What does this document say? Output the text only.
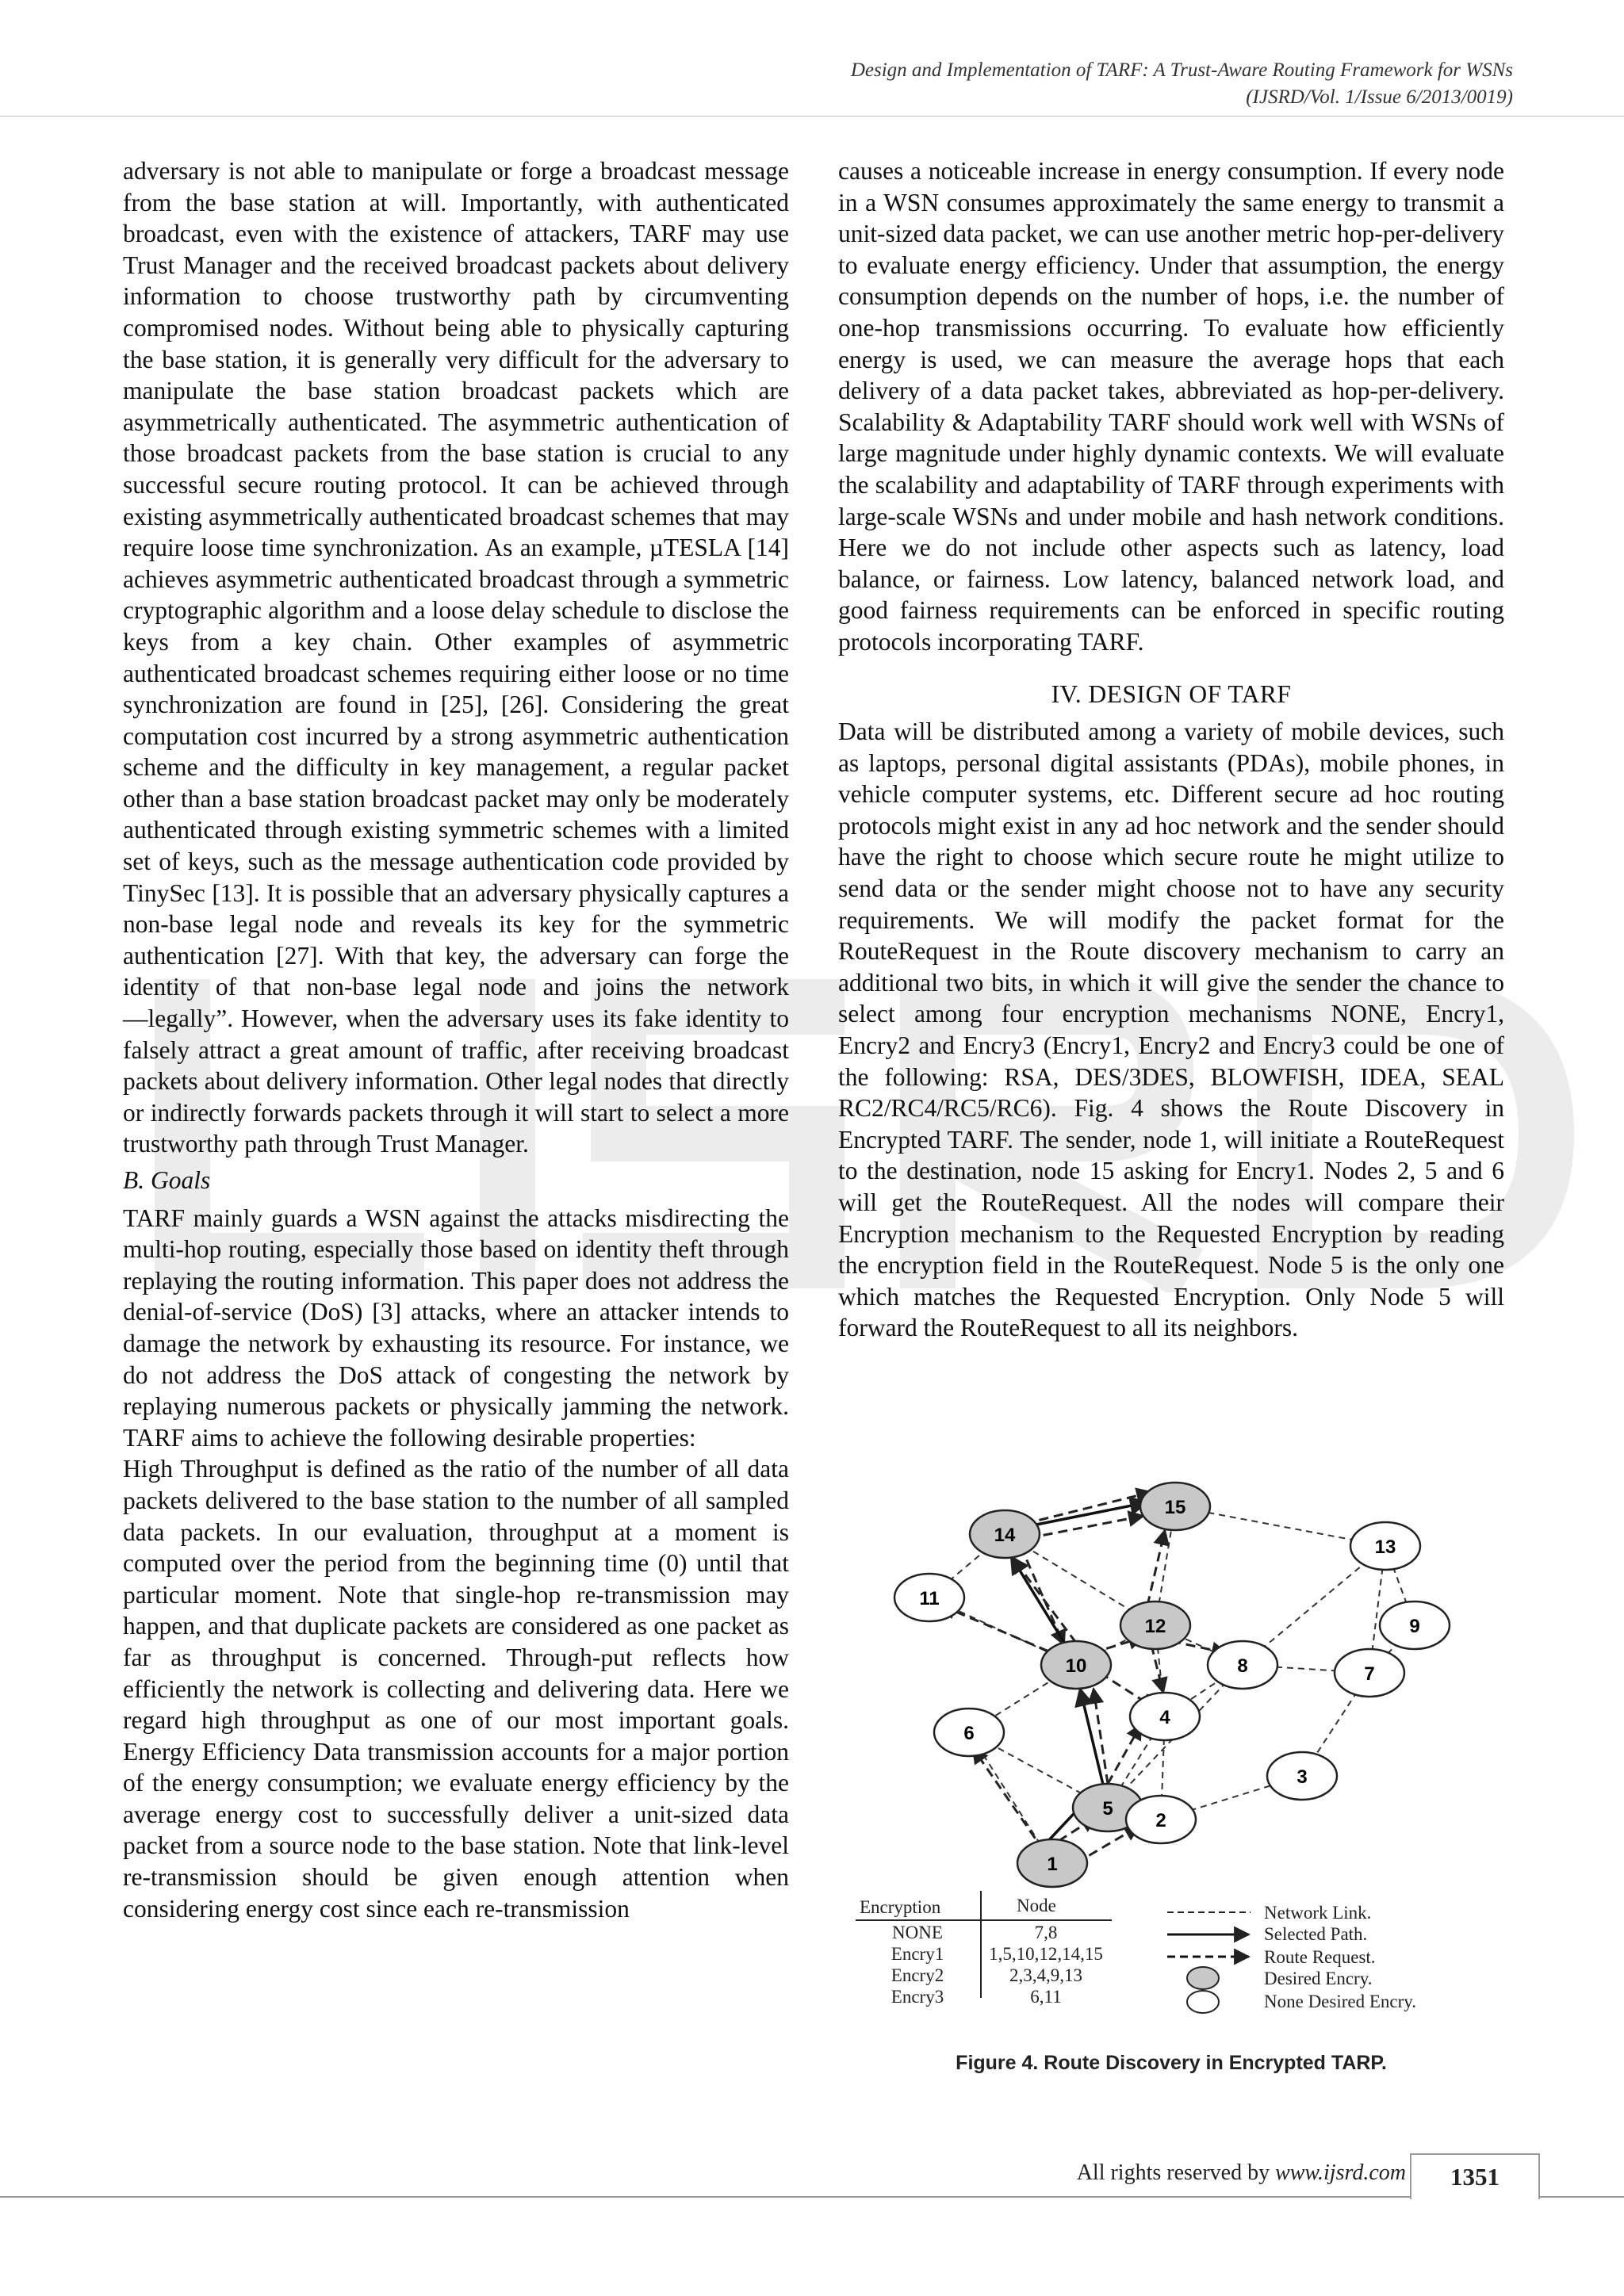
Design and Implementation of TARF: A Trust-Aware Routing Framework for WSNs
(IJSRD/Vol. 1/Issue 6/2013/0019)

adversary is not able to manipulate or forge a broadcast message from the base station at will. Importantly, with authenticated broadcast, even with the existence of attackers, TARF may use Trust Manager and the received broadcast packets about delivery information to choose trustworthy path by circumventing compromised nodes. Without being able to physically capturing the base station, it is generally very difficult for the adversary to manipulate the base station broadcast packets which are asymmetrically authenticated. The asymmetric authentication of those broadcast packets from the base station is crucial to any successful secure routing protocol. It can be achieved through existing asymmetrically authenticated broadcast schemes that may require loose time synchronization. As an example, µTESLA [14] achieves asymmetric authenticated broadcast through a symmetric cryptographic algorithm and a loose delay schedule to disclose the keys from a key chain. Other examples of asymmetric authenticated broadcast schemes requiring either loose or no time synchronization are found in [25], [26]. Considering the great computation cost incurred by a strong asymmetric authentication scheme and the difficulty in key management, a regular packet other than a base station broadcast packet may only be moderately authenticated through existing symmetric schemes with a limited set of keys, such as the message authentication code provided by TinySec [13]. It is possible that an adversary physically captures a non-base legal node and reveals its key for the symmetric authentication [27]. With that key, the adversary can forge the identity of that non-base legal node and joins the network ―legally”. However, when the adversary uses its fake identity to falsely attract a great amount of traffic, after receiving broadcast packets about delivery information. Other legal nodes that directly or indirectly forwards packets through it will start to select a more trustworthy path through Trust Manager.

B. Goals

TARF mainly guards a WSN against the attacks misdirecting the multi-hop routing, especially those based on identity theft through replaying the routing information. This paper does not address the denial-of-service (DoS) [3] attacks, where an attacker intends to damage the network by exhausting its resource. For instance, we do not address the DoS attack of congesting the network by replaying numerous packets or physically jamming the network. TARF aims to achieve the following desirable properties:

High Throughput is defined as the ratio of the number of all data packets delivered to the base station to the number of all sampled data packets. In our evaluation, throughput at a moment is computed over the period from the beginning time (0) until that particular moment. Note that single-hop re-transmission may happen, and that duplicate packets are considered as one packet as far as throughput is concerned. Through-put reflects how efficiently the network is collecting and delivering data. Here we regard high throughput as one of our most important goals. Energy Efficiency Data transmission accounts for a major portion of the energy consumption; we evaluate energy efficiency by the average energy cost to successfully deliver a unit-sized data packet from a source node to the base station. Note that link-level re-transmission should be given enough attention when considering energy cost since each re-transmission

causes a noticeable increase in energy consumption. If every node in a WSN consumes approximately the same energy to transmit a unit-sized data packet, we can use another metric hop-per-delivery to evaluate energy efficiency. Under that assumption, the energy consumption depends on the number of hops, i.e. the number of one-hop transmissions occurring. To evaluate how efficiently energy is used, we can measure the average hops that each delivery of a data packet takes, abbreviated as hop-per-delivery. Scalability & Adaptability TARF should work well with WSNs of large magnitude under highly dynamic contexts. We will evaluate the scalability and adaptability of TARF through experiments with large-scale WSNs and under mobile and hash network conditions. Here we do not include other aspects such as latency, load balance, or fairness. Low latency, balanced network load, and good fairness requirements can be enforced in specific routing protocols incorporating TARF.

IV. DESIGN OF TARF

Data will be distributed among a variety of mobile devices, such as laptops, personal digital assistants (PDAs), mobile phones, in vehicle computer systems, etc. Different secure ad hoc routing protocols might exist in any ad hoc network and the sender should have the right to choose which secure route he might utilize to send data or the sender might choose not to have any security requirements. We will modify the packet format for the RouteRequest in the Route discovery mechanism to carry an additional two bits, in which it will give the sender the chance to select among four encryption mechanisms NONE, Encry1, Encry2 and Encry3 (Encry1, Encry2 and Encry3 could be one of the following: RSA, DES/3DES, BLOWFISH, IDEA, SEAL RC2/RC4/RC5/RC6). Fig. 4 shows the Route Discovery in Encrypted TARF. The sender, node 1, will initiate a RouteRequest to the destination, node 15 asking for Encry1. Nodes 2, 5 and 6 will get the RouteRequest. All the nodes will compare their Encryption mechanism to the Requested Encryption by reading the encryption field in the RouteRequest. Node 5 is the only one which matches the Requested Encryption. Only Node 5 will forward the RouteRequest to all its neighbors.

14
15
13
12
11
8
9
10	7
4
6
5
3
2
1
Encryption	Node
NONE	7,8
Encry1 1,5,10,12,14,15
Encry2	2,3,4,9,13
Encry3	6,11
Network Link.
Selected Path.
Route Request.
Desired Encry.
None Desired Encry.
Figure 4. Route Discovery in Encrypted TARP.
All rights reserved by www.ijsrd.com	1351
